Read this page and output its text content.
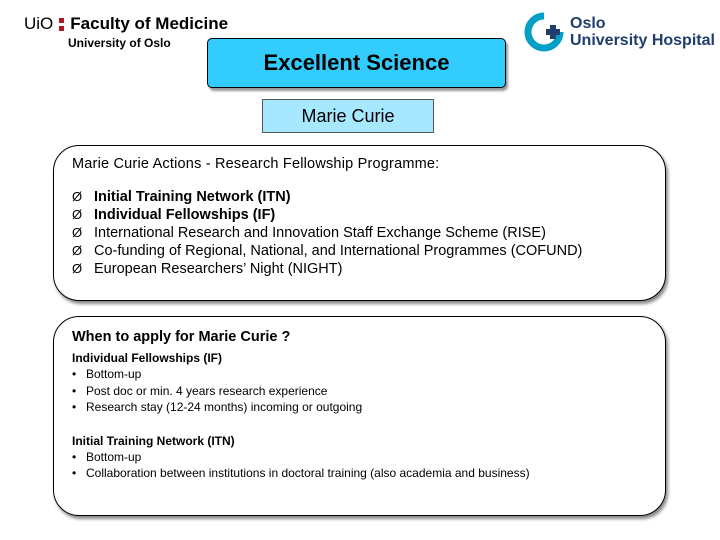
UiO Faculty of Medicine
University of Oslo
Oslo
University Hospital
Excellent Science
Marie Curie
Marie Curie Actions - Research Fellowship Programme:
Ø Initial Training Network (ITN)
Ø Individual Fellowships (IF)
Ø International Research and Innovation Staff Exchange Scheme (RISE)
Ø Co-funding of Regional, National, and International Programmes (COFUND)
Ø European Researchers’ Night (NIGHT)
When to apply for Marie Curie ?
Individual Fellowships (IF)
• Bottom-up
• Post doc or min. 4 years research experience
• Research stay (12-24 months) incoming or outgoing
Initial Training Network (ITN)
• Bottom-up
• Collaboration between institutions in doctoral training (also academia and business)
